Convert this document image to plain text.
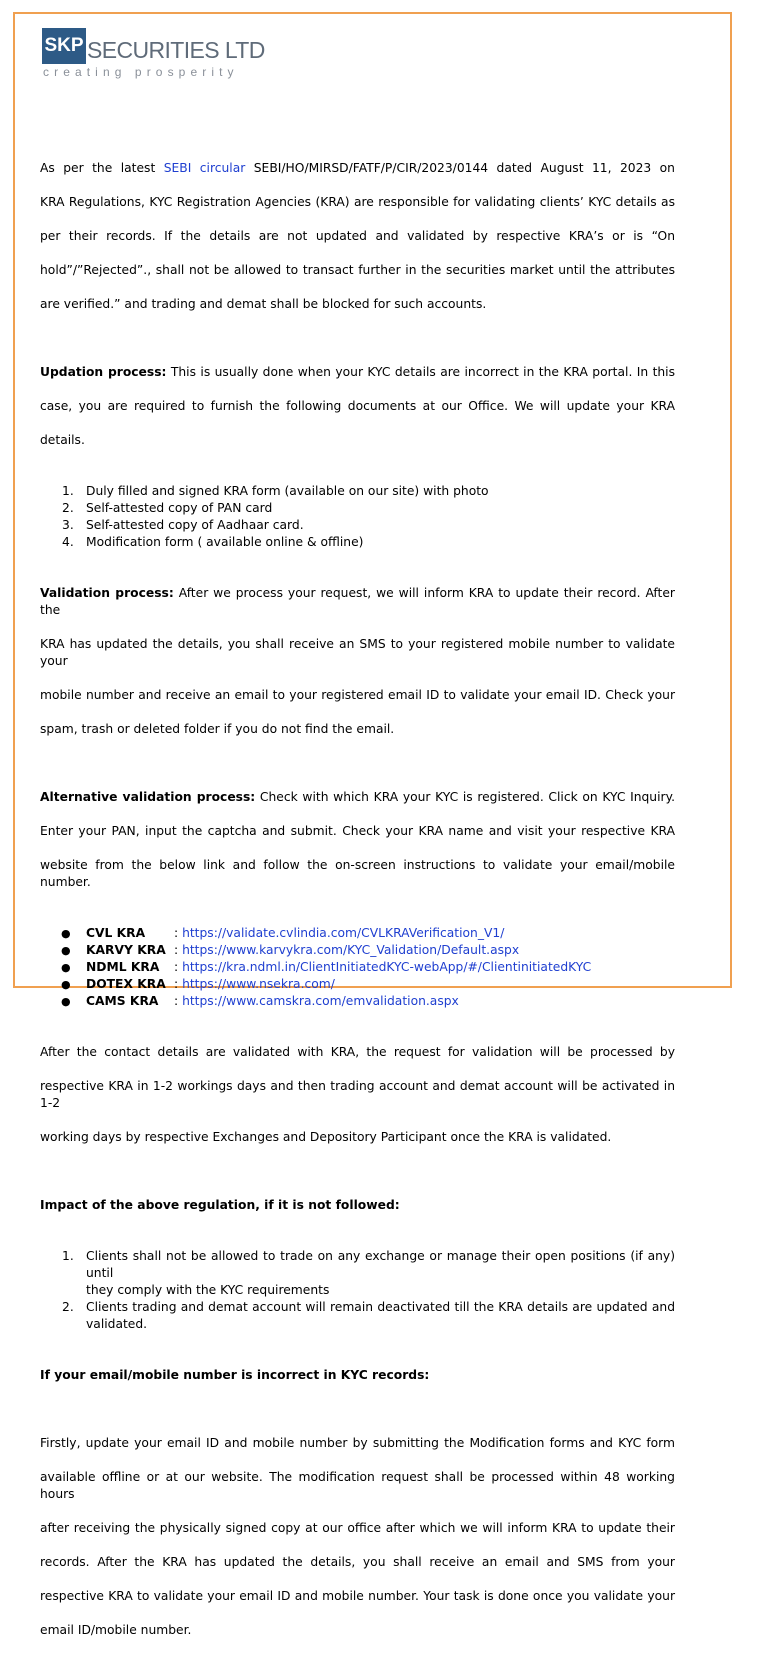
SKP SECURITIES LTD
creating prosperity

As per the latest SEBI circular SEBI/HO/MIRSD/FATF/P/CIR/2023/0144 dated August 11, 2023 on

KRA Regulations, KYC Registration Agencies (KRA) are responsible for validating clients’ KYC details as

per their records. If the details are not updated and validated by respective KRA’s or is “On

hold”/”Rejected”., shall not be allowed to transact further in the securities market until the attributes

are verified.” and trading and demat shall be blocked for such accounts.

Updation process: This is usually done when your KYC details are incorrect in the KRA portal. In this

case, you are required to furnish the following documents at our Office. We will update your KRA

details.

1. Duly filled and signed KRA form (available on our site) with photo
2. Self-attested copy of PAN card
3. Self-attested copy of Aadhaar card.
4. Modification form ( available online & offline)

Validation process: After we process your request, we will inform KRA to update their record. After the

KRA has updated the details, you shall receive an SMS to your registered mobile number to validate your

mobile number and receive an email to your registered email ID to validate your email ID. Check your

spam, trash or deleted folder if you do not find the email.

Alternative validation process: Check with which KRA your KYC is registered. Click on KYC Inquiry.

Enter your PAN, input the captcha and submit. Check your KRA name and visit your respective KRA

website from the below link and follow the on-screen instructions to validate your email/mobile number.

● CVL KRA : https://validate.cvlindia.com/CVLKRAVerification_V1/
● KARVY KRA : https://www.karvykra.com/KYC_Validation/Default.aspx
● NDML KRA : https://kra.ndml.in/ClientInitiatedKYC-webApp/#/ClientinitiatedKYC
● DOTEX KRA : https://www.nsekra.com/
● CAMS KRA : https://www.camskra.com/emvalidation.aspx

After the contact details are validated with KRA, the request for validation will be processed by

respective KRA in 1-2 workings days and then trading account and demat account will be activated in 1-2

working days by respective Exchanges and Depository Participant once the KRA is validated.

Impact of the above regulation, if it is not followed:

1. Clients shall not be allowed to trade on any exchange or manage their open positions (if any) until
they comply with the KYC requirements
2. Clients trading and demat account will remain deactivated till the KRA details are updated and
validated.

If your email/mobile number is incorrect in KYC records:

Firstly, update your email ID and mobile number by submitting the Modification forms and KYC form

available offline or at our website. The modification request shall be processed within 48 working hours

after receiving the physically signed copy at our office after which we will inform KRA to update their

records. After the KRA has updated the details, you shall receive an email and SMS from your

respective KRA to validate your email ID and mobile number. Your task is done once you validate your

email ID/mobile number.
